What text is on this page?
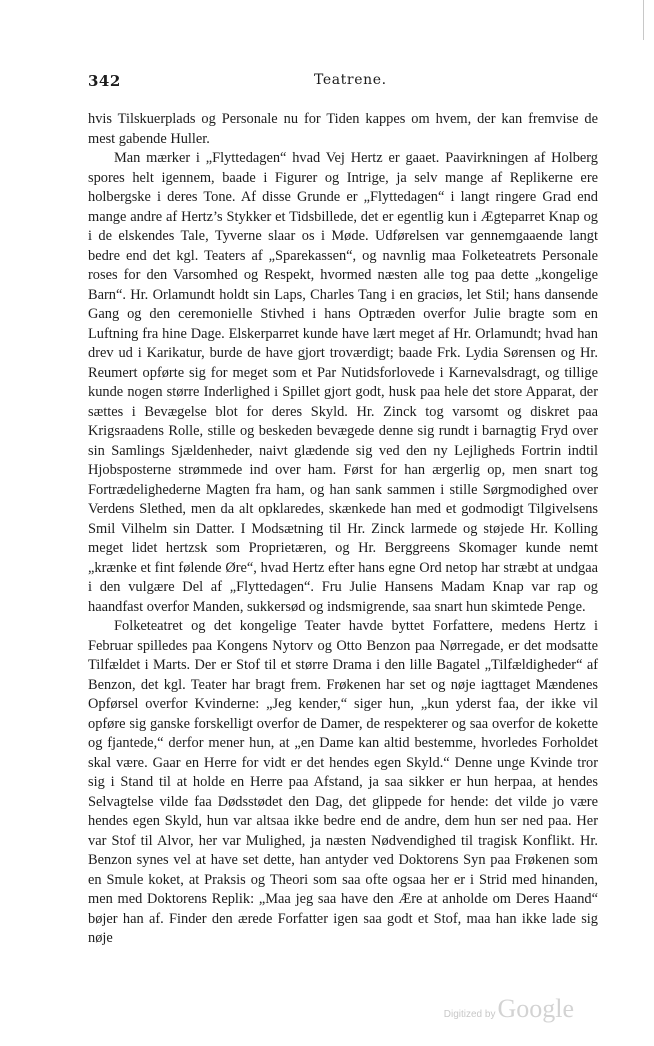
342	Teatrene.

hvis Tilskuerplads og Personale nu for Tiden kappes om hvem, der kan fremvise de mest gabende Huller.

Man mærker i „Flyttedagen“ hvad Vej Hertz er gaaet. Paavirkningen af Holberg spores helt igennem, baade i Figurer og Intrige, ja selv mange af Replikerne ere holbergske i deres Tone. Af disse Grunde er „Flyttedagen“ i langt ringere Grad end mange andre af Hertz’s Stykker et Tidsbillede, det er egentlig kun i Ægteparret Knap og i de elskendes Tale, Tyverne slaar os i Møde. Udførelsen var gennemgaaende langt bedre end det kgl. Teaters af „Sparekassen“, og navnlig maa Folketeatrets Personale roses for den Varsomhed og Respekt, hvormed næsten alle tog paa dette „kongelige Barn“. Hr. Orlamundt holdt sin Laps, Charles Tang i en graciøs, let Stil; hans dansende Gang og den ceremonielle Stivhed i hans Optræden overfor Julie bragte som en Luftning fra hine Dage. Elskerparret kunde have lært meget af Hr. Orlamundt; hvad han drev ud i Karikatur, burde de have gjort troværdigt; baade Frk. Lydia Sørensen og Hr. Reumert opførte sig for meget som et Par Nutidsforlovede i Karnevalsdragt, og tillige kunde nogen større Inderlighed i Spillet gjort godt, husk paa hele det store Apparat, der sættes i Bevægelse blot for deres Skyld. Hr. Zinck tog varsomt og diskret paa Krigsraadens Rolle, stille og beskeden bevægede denne sig rundt i barnagtig Fryd over sin Samlings Sjældenheder, naivt glædende sig ved den ny Lejligheds Fortrin indtil Hjobsposterne strømmede ind over ham. Først for han ærgerlig op, men snart tog Fortrædelighederne Magten fra ham, og han sank sammen i stille Sørgmodighed over Verdens Slethed, men da alt opklaredes, skænkede han med et godmodigt Tilgivelsens Smil Vilhelm sin Datter. I Modsætning til Hr. Zinck larmede og støjede Hr. Kolling meget lidet hertzsk som Proprietæren, og Hr. Berggreens Skomager kunde nemt „krænke et fint følende Øre“, hvad Hertz efter hans egne Ord netop har stræbt at undgaa i den vulgære Del af „Flyttedagen“. Fru Julie Hansens Madam Knap var rap og haandfast overfor Manden, sukkersød og indsmigrende, saa snart hun skimtede Penge.

Folketeatret og det kongelige Teater havde byttet Forfattere, medens Hertz i Februar spilledes paa Kongens Nytorv og Otto Benzon paa Nørregade, er det modsatte Tilfældet i Marts. Der er Stof til et større Drama i den lille Bagatel „Tilfældigheder“ af Benzon, det kgl. Teater har bragt frem. Frøkenen har set og nøje iagttaget Mændenes Opførsel overfor Kvinderne: „Jeg kender,“ siger hun, „kun yderst faa, der ikke vil opføre sig ganske forskelligt overfor de Damer, de respekterer og saa overfor de kokette og fjantede,“ derfor mener hun, at „en Dame kan altid bestemme, hvorledes Forholdet skal være. Gaar en Herre for vidt er det hendes egen Skyld.“ Denne unge Kvinde tror sig i Stand til at holde en Herre paa Afstand, ja saa sikker er hun herpaa, at hendes Selvagtelse vilde faa Dødsstødet den Dag, det glippede for hende: det vilde jo være hendes egen Skyld, hun var altsaa ikke bedre end de andre, dem hun ser ned paa. Her var Stof til Alvor, her var Mulighed, ja næsten Nødvendighed til tragisk Konflikt. Hr. Benzon synes vel at have set dette, han antyder ved Doktorens Syn paa Frøkenen som en Smule koket, at Praksis og Theori som saa ofte ogsaa her er i Strid med hinanden, men med Doktorens Replik: „Maa jeg saa have den Ære at anholde om Deres Haand“ bøjer han af. Finder den ærede Forfatter igen saa godt et Stof, maa han ikke lade sig nøje

Digitized by Google
